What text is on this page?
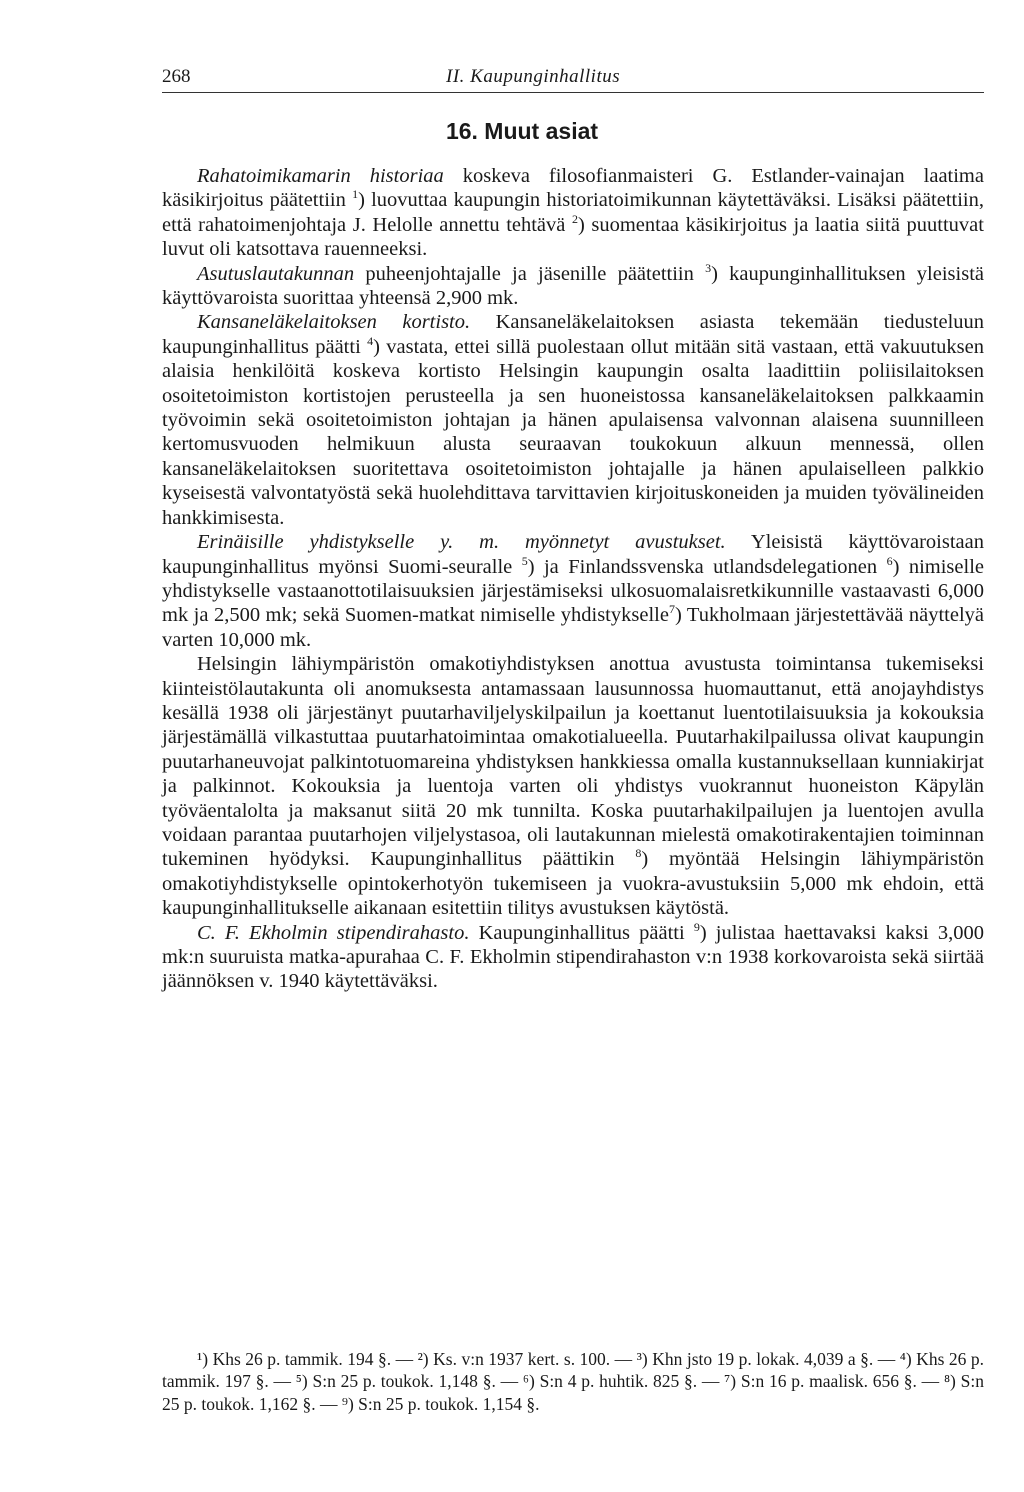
268	II. Kaupunginhallitus
16. Muut asiat

Rahatoimikamarin historiaa koskeva filosofianmaisteri G. Estlander-vainajan laatima käsikirjoitus päätettiin $^1$) luovuttaa kaupungin historiatoimikunnan käytettäväksi. Lisäksi päätettiin, että rahatoimenjohtaja J. Helolle annettu tehtävä $^2$) suomentaa käsikirjoitus ja laatia siitä puuttuvat luvut oli katsottava rauenneeksi.

Asutuslautakunnan puheenjohtajalle ja jäsenille päätettiin $^3$) kaupunginhallituksen yleisistä käyttövaroista suorittaa yhteensä 2,900 mk.

Kansaneläkelaitoksen kortisto. Kansaneläkelaitoksen asiasta tekemään tiedusteluun kaupunginhallitus päätti $^4$) vastata, ettei sillä puolestaan ollut mitään sitä vastaan, että vakuutuksen alaisia henkilöitä koskeva kortisto Helsingin kaupungin osalta laadittiin poliisilaitoksen osoitetoimiston kortistojen perusteella ja sen huoneistossa kansaneläkelaitoksen palkkaamin työvoimin sekä osoitetoimiston johtajan ja hänen apulaisensa valvonnan alaisena suunnilleen kertomusvuoden helmikuun alusta seuraavan toukokuun alkuun mennessä, ollen kansaneläkelaitoksen suoritettava osoitetoimiston johtajalle ja hänen apulaiselleen palkkio kyseisestä valvontatyöstä sekä huolehdittava tarvittavien kirjoituskoneiden ja muiden työvälineiden hankkimisesta.

Erinäisille yhdistykselle y. m. myönnetyt avustukset. Yleisistä käyttövaroistaan kaupunginhallitus myönsi Suomi-seuralle $^5$) ja Finlandssvenska utlandsdelegationen $^6$) nimiselle yhdistykselle vastaanottotilaisuuksien järjestämiseksi ulkosuomalaisretkikunnille vastaavasti 6,000 mk ja 2,500 mk; sekä Suomen-matkat nimiselle yhdistykselle$^7$) Tukholmaan järjestettävää näyttelyä varten 10,000 mk.

Helsingin lähiympäristön omakotiyhdistyksen anottua avustusta toimintansa tukemiseksi kiinteistölautakunta oli anomuksesta antamassaan lausunnossa huomauttanut, että anojayhdistys kesällä 1938 oli järjestänyt puutarhaviljelyskilpailun ja koettanut luentotilaisuuksia ja kokouksia järjestämällä vilkastuttaa puutarhatoimintaa omakotialueella. Puutarhakilpailussa olivat kaupungin puutarhaneuvojat palkintotuomareina yhdistyksen hankkiessa omalla kustannuksellaan kunniakirjat ja palkinnot. Kokouksia ja luentoja varten oli yhdistys vuokrannut huoneiston Käpylän työväentalolta ja maksanut siitä 20 mk tunnilta. Koska puutarhakilpailujen ja luentojen avulla voidaan parantaa puutarhojen viljelystasoa, oli lautakunnan mielestä omakotirakentajien toiminnan tukeminen hyödyksi. Kaupunginhallitus päättikin $^8$) myöntää Helsingin lähiympäristön omakotiyhdistykselle opintokerhotyön tukemiseen ja vuokra-avustuksiin 5,000 mk ehdoin, että kaupunginhallitukselle aikanaan esitettiin tilitys avustuksen käytöstä.

C. F. Ekholmin stipendirahasto. Kaupunginhallitus päätti $^9$) julistaa haettavaksi kaksi 3,000 mk:n suuruista matka-apurahaa C. F. Ekholmin stipendirahaston v:n 1938 korkovaroista sekä siirtää jäännöksen v. 1940 käytettäväksi.

¹) Khs 26 p. tammik. 194 §. — ²) Ks. v:n 1937 kert. s. 100. — ³) Khn jsto 19 p. lokak. 4,039 a §. — ⁴) Khs 26 p. tammik. 197 §. — ⁵) S:n 25 p. toukok. 1,148 §. — ⁶) S:n 4 p. huhtik. 825 §. — ⁷) S:n 16 p. maalisk. 656 §. — ⁸) S:n 25 p. toukok. 1,162 §. — ⁹) S:n 25 p. toukok. 1,154 §.
